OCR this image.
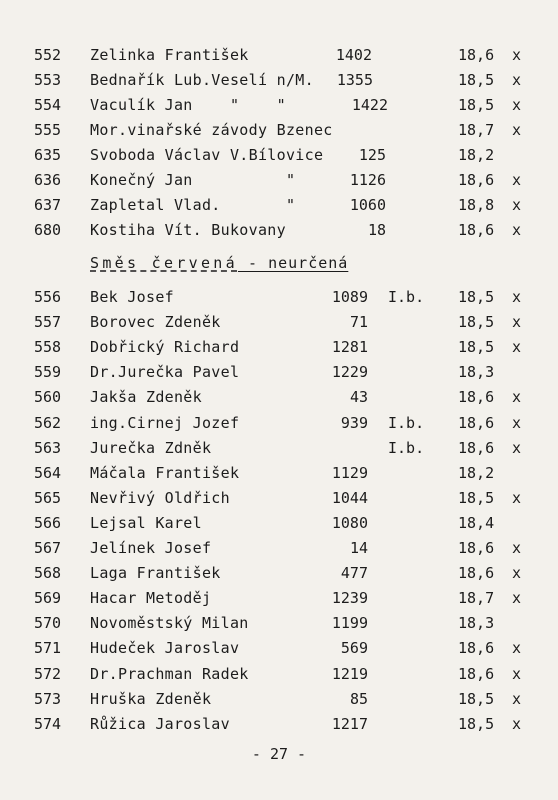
552 Zelinka František	1402	18,6 x
553 Bednařík Lub.Veselí n/M. 1355	18,5 x
554 Vaculík Jan    "    "	1422	18,5 x
555 Mor.vinařské závody Bzenec	18,7 x
635 Svoboda Václav V.Bílovice 125	18,2
636 Konečný Jan          "	1126	18,6 x
637 Zapletal Vlad.       "	1060	18,8 x
680 Kostiha Vít. Bukovany	18	18,6 x
Směs červená - neurčená
556 Bek Josef	1089 I.b. 18,5 x
557 Borovec Zdeněk	71	18,5 x
558 Dobřický Richard	1281	18,5 x
559 Dr.Jurečka Pavel	1229	18,3
560 Jakša Zdeněk	43	18,6 x
562 ing.Cirnej Jozef	939 I.b. 18,6 x
563 Jurečka Zdněk	I.b. 18,6 x
564 Máčala František	1129	18,2
565 Nevřivý Oldřich	1044	18,5 x
566 Lejsal Karel	1080	18,4
567 Jelínek Josef	14	18,6 x
568 Laga František	477	18,6 x
569 Hacar Metoděj	1239	18,7 x
570 Novoměstský Milan	1199	18,3
571 Hudeček Jaroslav	569	18,6 x
572 Dr.Prachman Radek	1219	18,6 x
573 Hruška Zdeněk	85	18,5 x
574 Růžica Jaroslav	1217	18,5 x
- 27 -
